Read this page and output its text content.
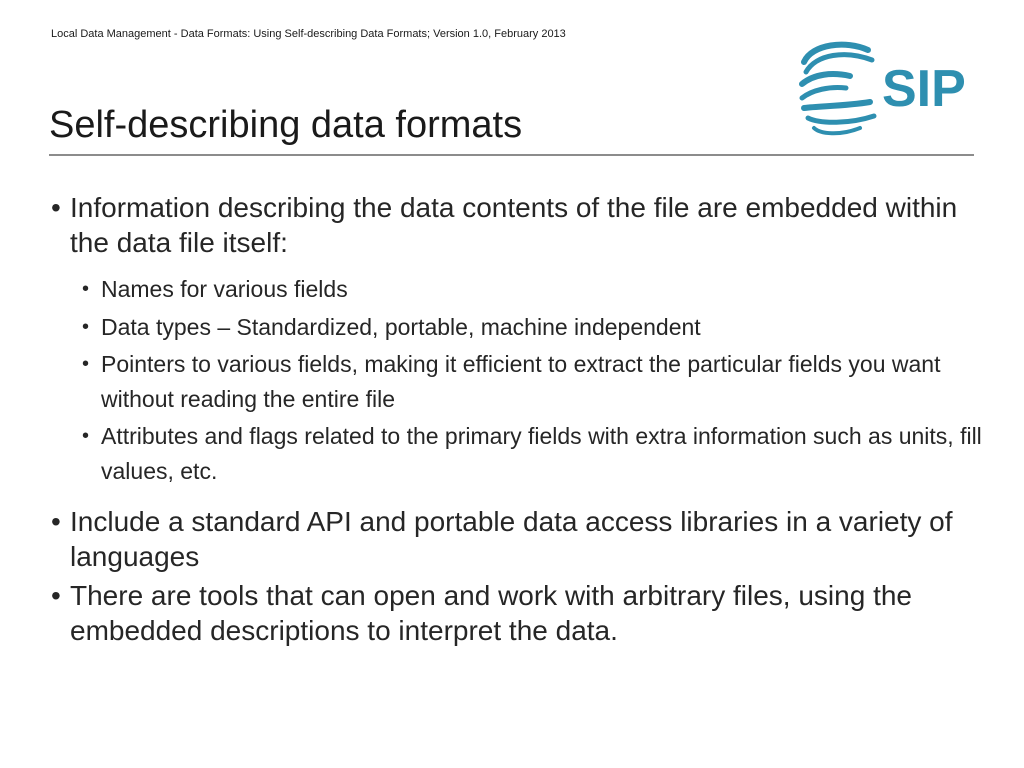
Local Data Management - Data Formats: Using Self-describing Data Formats; Version 1.0, February 2013
SIP
Self-describing data formats

• Information describing the data contents of the file are embedded within the data file itself:

• Names for various fields

• Data types – Standardized, portable, machine independent

• Pointers to various fields, making it efficient to extract the particular fields you want without reading the entire file

• Attributes and flags related to the primary fields with extra information such as units, fill values, etc.

• Include a standard API and portable data access libraries in a variety of languages

• There are tools that can open and work with arbitrary files, using the embedded descriptions to interpret the data.
